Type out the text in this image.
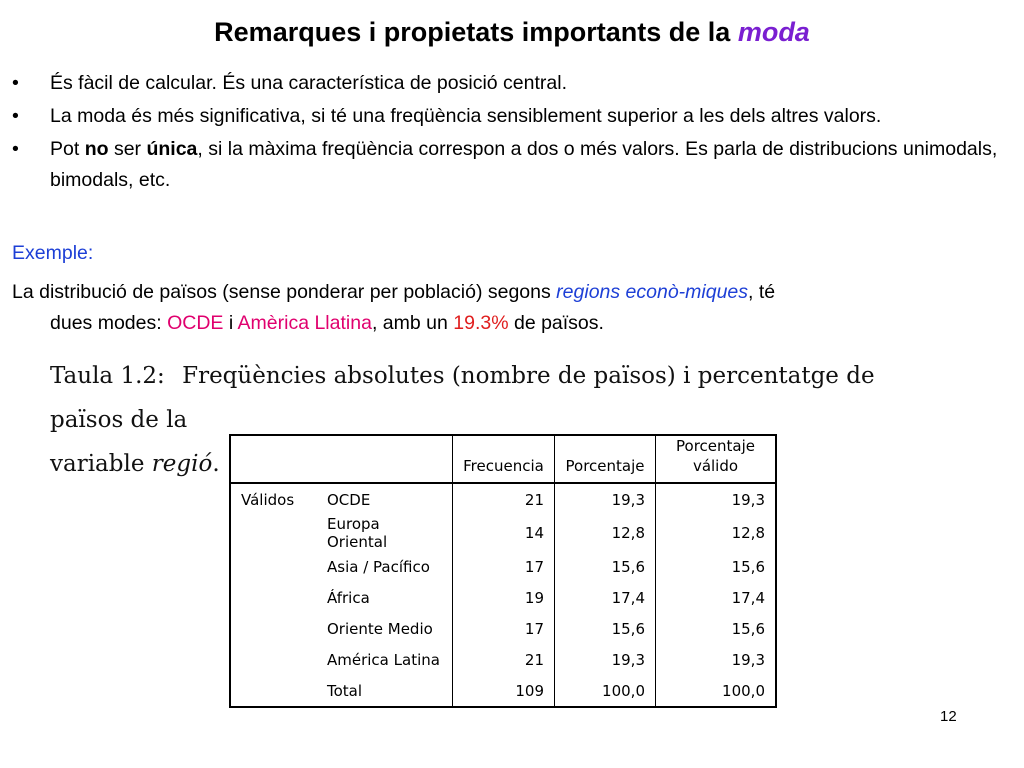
Remarques i propietats importants de la moda
• És fàcil de calcular. És una característica de posició central.
• La moda és més significativa, si té una freqüència sensiblement superior a les dels altres valors.
• Pot no ser única, si la màxima freqüència correspon a dos o més valors. Es parla de distribucions unimodals, bimodals, etc.
Exemple:
La distribució de països (sense ponderar per població) segons regions econò-miques, té
dues modes: OCDE i Amèrica Llatina, amb un 19.3% de països.
Taula 1.2: Freqüències absolutes (nombre de països) i percentatge de països de la
variable regió.
			Frecuencia	Porcentaje	Porcentaje válido
Válidos	OCDE	21	19,3	19,3
	Europa Oriental	14	12,8	12,8
	Asia / Pacífico	17	15,6	15,6
	África	19	17,4	17,4
	Oriente Medio	17	15,6	15,6
	América Latina	21	19,3	19,3
	Total	109	100,0	100,0
12
